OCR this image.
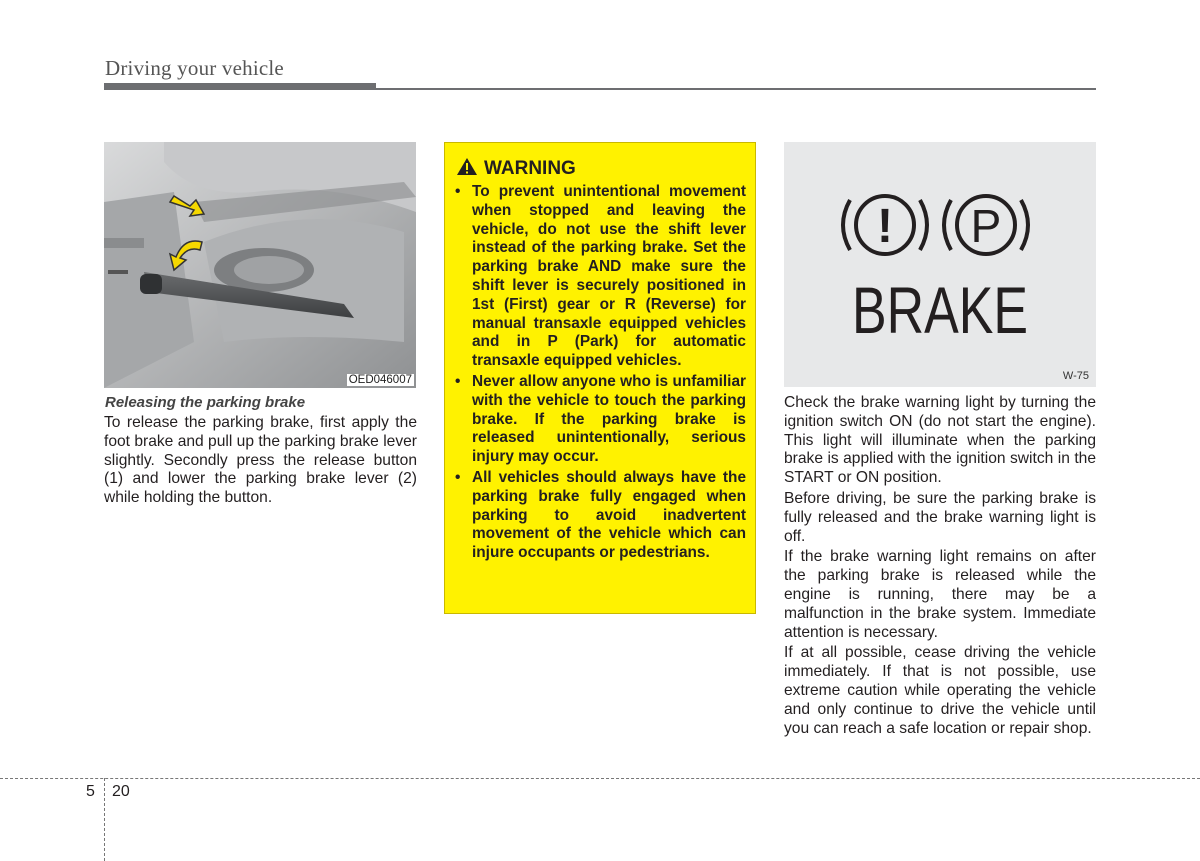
Driving your vehicle
OED046007
Releasing the parking brake

To release the parking brake, first apply the foot brake and pull up the parking brake lever slightly. Secondly press the release button (1) and lower the parking brake lever (2) while holding the button.

WARNING
• To prevent unintentional movement when stopped and leaving the vehicle, do not use the shift lever instead of the parking brake. Set the parking brake AND make sure the shift lever is securely positioned in 1st (First) gear or R (Reverse) for manual transaxle equipped vehicles and in P (Park) for automatic transaxle equipped vehicles.
• Never allow anyone who is unfamiliar with the vehicle to touch the parking brake. If the parking brake is released unintentionally, serious injury may occur.
• All vehicles should always have the parking brake fully engaged when parking to avoid inadvertent movement of the vehicle which can injure occupants or pedestrians.
! P
BRAKE
W-75

Check the brake warning light by turning the ignition switch ON (do not start the engine). This light will illuminate when the parking brake is applied with the ignition switch in the START or ON position.

Before driving, be sure the parking brake is fully released and the brake warning light is off.

If the brake warning light remains on after the parking brake is released while the engine is running, there may be a malfunction in the brake system. Immediate attention is necessary.

If at all possible, cease driving the vehicle immediately. If that is not possible, use extreme caution while operating the vehicle and only continue to drive the vehicle until you can reach a safe location or repair shop.

5 20
